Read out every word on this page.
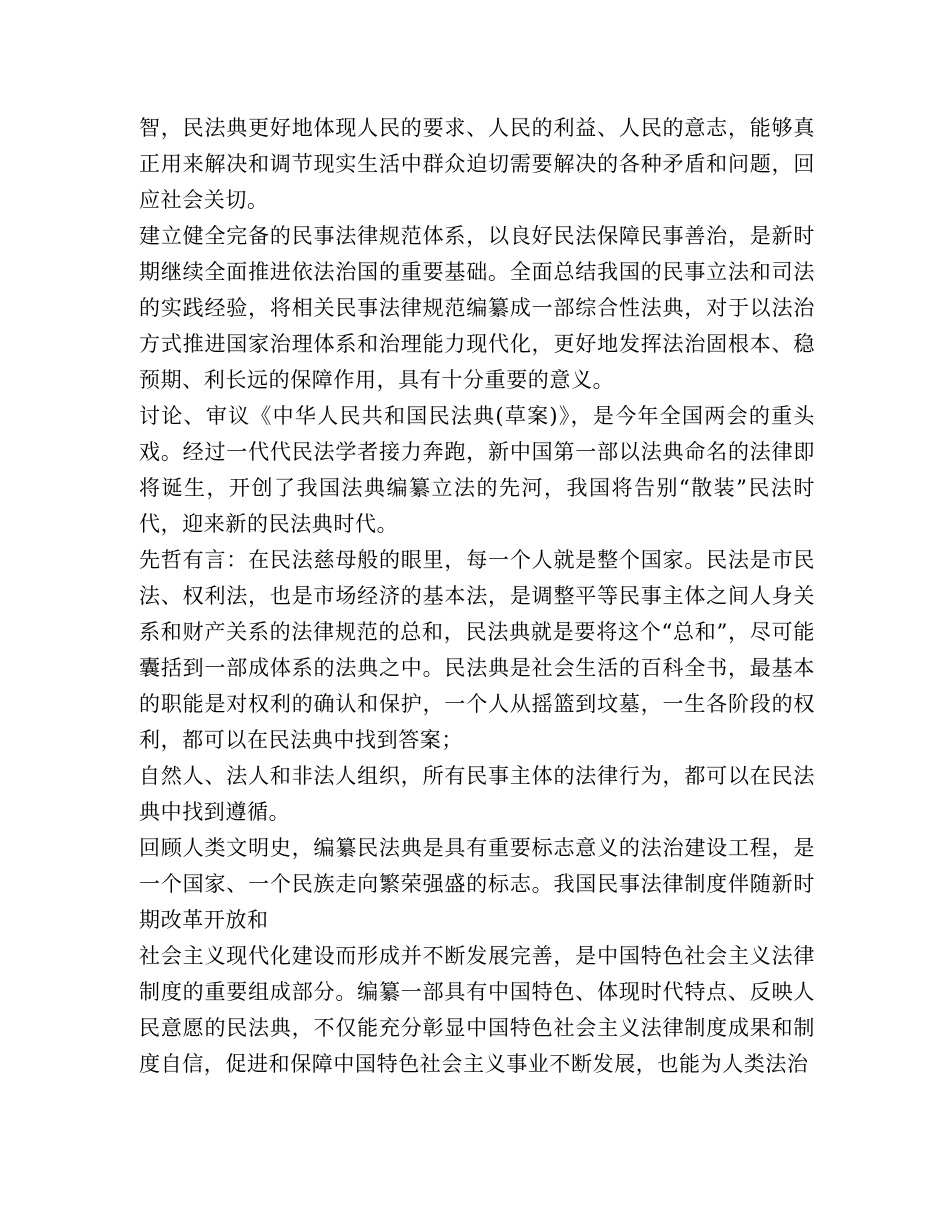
智，民法典更好地体现人民的要求、人民的利益、人民的意志，能够真正用来解决和调节现实生活中群众迫切需要解决的各种矛盾和问题，回应社会关切。

建立健全完备的民事法律规范体系，以良好民法保障民事善治，是新时期继续全面推进依法治国的重要基础。全面总结我国的民事立法和司法的实践经验，将相关民事法律规范编纂成一部综合性法典，对于以法治方式推进国家治理体系和治理能力现代化，更好地发挥法治固根本、稳预期、利长远的保障作用，具有十分重要的意义。

讨论、审议《中华人民共和国民法典(草案)》，是今年全国两会的重头戏。经过一代代民法学者接力奔跑，新中国第一部以法典命名的法律即将诞生，开创了我国法典编纂立法的先河，我国将告别“散装”民法时代，迎来新的民法典时代。

先哲有言：在民法慈母般的眼里，每一个人就是整个国家。民法是市民法、权利法，也是市场经济的基本法，是调整平等民事主体之间人身关系和财产关系的法律规范的总和，民法典就是要将这个“总和”，尽可能囊括到一部成体系的法典之中。民法典是社会生活的百科全书，最基本的职能是对权利的确认和保护，一个人从摇篮到坟墓，一生各阶段的权利，都可以在民法典中找到答案；

自然人、法人和非法人组织，所有民事主体的法律行为，都可以在民法典中找到遵循。

回顾人类文明史，编纂民法典是具有重要标志意义的法治建设工程，是一个国家、一个民族走向繁荣强盛的标志。我国民事法律制度伴随新时期改革开放和

社会主义现代化建设而形成并不断发展完善，是中国特色社会主义法律制度的重要组成部分。编纂一部具有中国特色、体现时代特点、反映人民意愿的民法典，不仅能充分彰显中国特色社会主义法律制度成果和制度自信，促进和保障中国特色社会主义事业不断发展，也能为人类法治
